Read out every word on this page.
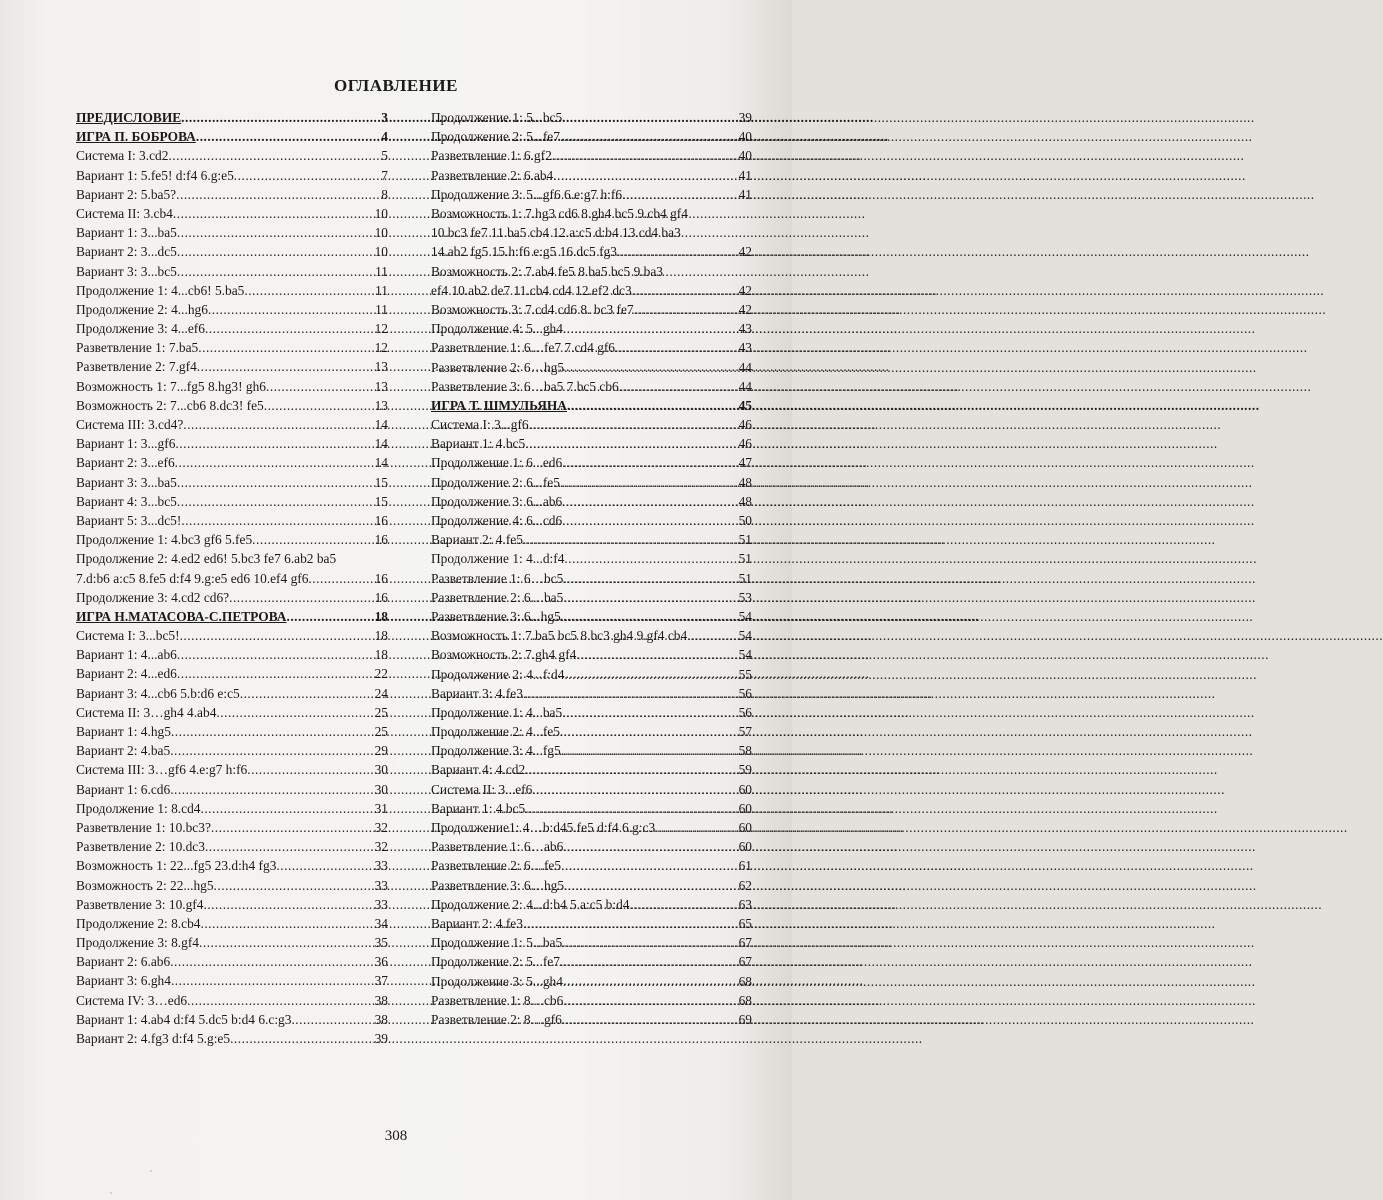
ОГЛАВЛЕНИЕ
ПРЕДИСЛОВИЕ .....	3
ИГРА П. БОБРОВА .....	4
Система I: 3.cd2 .....	5
Вариант 1: 5.fe5! d:f4 6.g:e5 .....	7
Вариант 2: 5.ba5? .....	8
Система II: 3.cb4 .....	10
Вариант 1: 3...ba5 .....	10
Вариант 2: 3...dc5 .....	10
Вариант 3: 3...bc5 .....	11
Продолжение 1: 4...cb6! 5.ba5 .....	11
Продолжение 2: 4...hg6 .....	11
Продолжение 3: 4...ef6 .....	12
Разветвление 1: 7.ba5 .....	12
Разветвление 2: 7.gf4 .....	13
Возможность 1: 7...fg5 8.hg3! gh6 .....	13
Возможность 2: 7...cb6 8.dc3! fe5 .....	13
Система III: 3.cd4? .....	14
Вариант 1: 3...gf6 .....	14
Вариант 2: 3...ef6 .....	14
Вариант 3: 3...ba5 .....	15
Вариант 4: 3...bc5 .....	15
Вариант 5: 3...dc5! .....	16
Продолжение 1: 4.bc3 gf6 5.fe5 .....	16
Продолжение 2: 4.ed2 ed6! 5.bc3 fe7 6.ab2 ba5
7.d:b6 a:c5 8.fe5 d:f4 9.g:e5 ed6 10.ef4 gf6 .....	16
Продолжение 3: 4.cd2 cd6? .....	16
ИГРА Н.МАТАСОВА-С.ПЕТРОВА .....	18
Система I: 3...bc5! .....	18
Вариант 1: 4...ab6 .....	18
Вариант 2: 4...ed6 .....	22
Вариант 3: 4...cb6 5.b:d6 e:c5 .....	24
Система II: 3…gh4 4.ab4 .....	25
Вариант 1: 4.hg5 .....	25
Вариант 2: 4.ba5 .....	29
Система III: 3…gf6 4.e:g7 h:f6 .....	30
Вариант 1: 6.cd6 .....	30
Продолжение 1: 8.cd4 .....	31
Разветвление 1: 10.bc3? .....	32
Разветвление 2: 10.dc3 .....	32
Возможность 1: 22...fg5 23.d:h4 fg3 .....	33
Возможность 2: 22...hg5 .....	33
Разветвление 3: 10.gf4 .....	33
Продолжение 2: 8.cb4 .....	34
Продолжение 3: 8.gf4 .....	35
Вариант 2: 6.ab6 .....	36
Вариант 3: 6.gh4 .....	37
Система IV: 3…ed6 .....	38
Вариант 1: 4.ab4 d:f4 5.dc5 b:d4 6.c:g3 .....	38
Вариант 2: 4.fg3 d:f4 5.g:e5 .....	39
Продолжение 1: 5...bc5 .....	39
Продолжение 2: 5...fe7 .....	40
Разветвление 1: 6.gf2 .....	40
Разветвление 2: 6.ab4 .....	41
Продолжение 3: 5...gf6 6.e:g7 h:f6 .....	41
Возможность 1: 7.hg3 cd6 8.gh4 bc5 9.cb4 gf4
10.bc3 fe7 11.ba5 cb4 12.a:c5 d:b4 13.cd4 ba3
14.ab2 fg5 15.h:f6 e:g5 16.dc5 fg3 .....	42
Возможность 2: 7.ab4 fe5 8.ba5 bc5 9.ba3
ef4 10.ab2 de7 11.cb4 cd4 12.ef2 dc3 .....	42
Возможность 3: 7.cd4 cd6 8. bc3 fe7 .....	42
Продолжение 4: 5...gh4 .....	43
Разветвление 1: 6…fe7 7.cd4 gf6 .....	43
Разветвление 2: 6…hg5 .....	44
Разветвление 3: 6…ba5 7.bc5 cb6 .....	44
ИГРА Т. ШМУЛЬЯНА .....	45
Система I: 3...gf6 .....	46
Вариант 1: 4.bc5 .....	46
Продолжение 1: 6...ed6 .....	47
Продолжение 2: 6...fe5 .....	48
Продолжение 3: 6...ab6 .....	48
Продолжение 4: 6...cd6 .....	50
Вариант 2: 4.fe5 .....	51
Продолжение 1: 4...d:f4 .....	51
Разветвление 1: 6…bc5 .....	51
Разветвление 2: 6…ba5 .....	53
Разветвление 3: 6...hg5 .....	54
Возможность 1: 7.ba5 bc5 8.bc3 gh4 9.gf4 cb4. .....	54
Возможность 2: 7.gh4 gf4 .....	54
Продолжение 2: 4...f:d4 .....	55
Вариант 3: 4.fe3 .....	56
Продолжение 1: 4...ba5 .....	56
Продолжение 2: 4...fe5 .....	57
Продолжение 3: 4...fg5 .....	58
Вариант 4: 4.cd2 .....	59
Система II: 3...ef6 .....	60
Вариант 1: 4.bc5 .....	60
Продолжение1: 4…b:d45.fe5 d:f4 6.g:c3 .....	60
Разветвление 1: 6…ab6 .....	60
Разветвление 2: 6…fe5 .....	61
Разветвление 3: 6…hg5 .....	62
Продолжение 2: 4...d:b4 5.a:c5 b:d4 .....	63
Вариант 2: 4.fe3 .....	65
Продолжение 1: 5...ba5 .....	67
Продолжение 2: 5...fe7 .....	67
Продолжение 3: 5...gh4 .....	68
Разветвление 1: 8…cb6 .....	68
Разветвление 2: 8…gf6 .....	69
308
